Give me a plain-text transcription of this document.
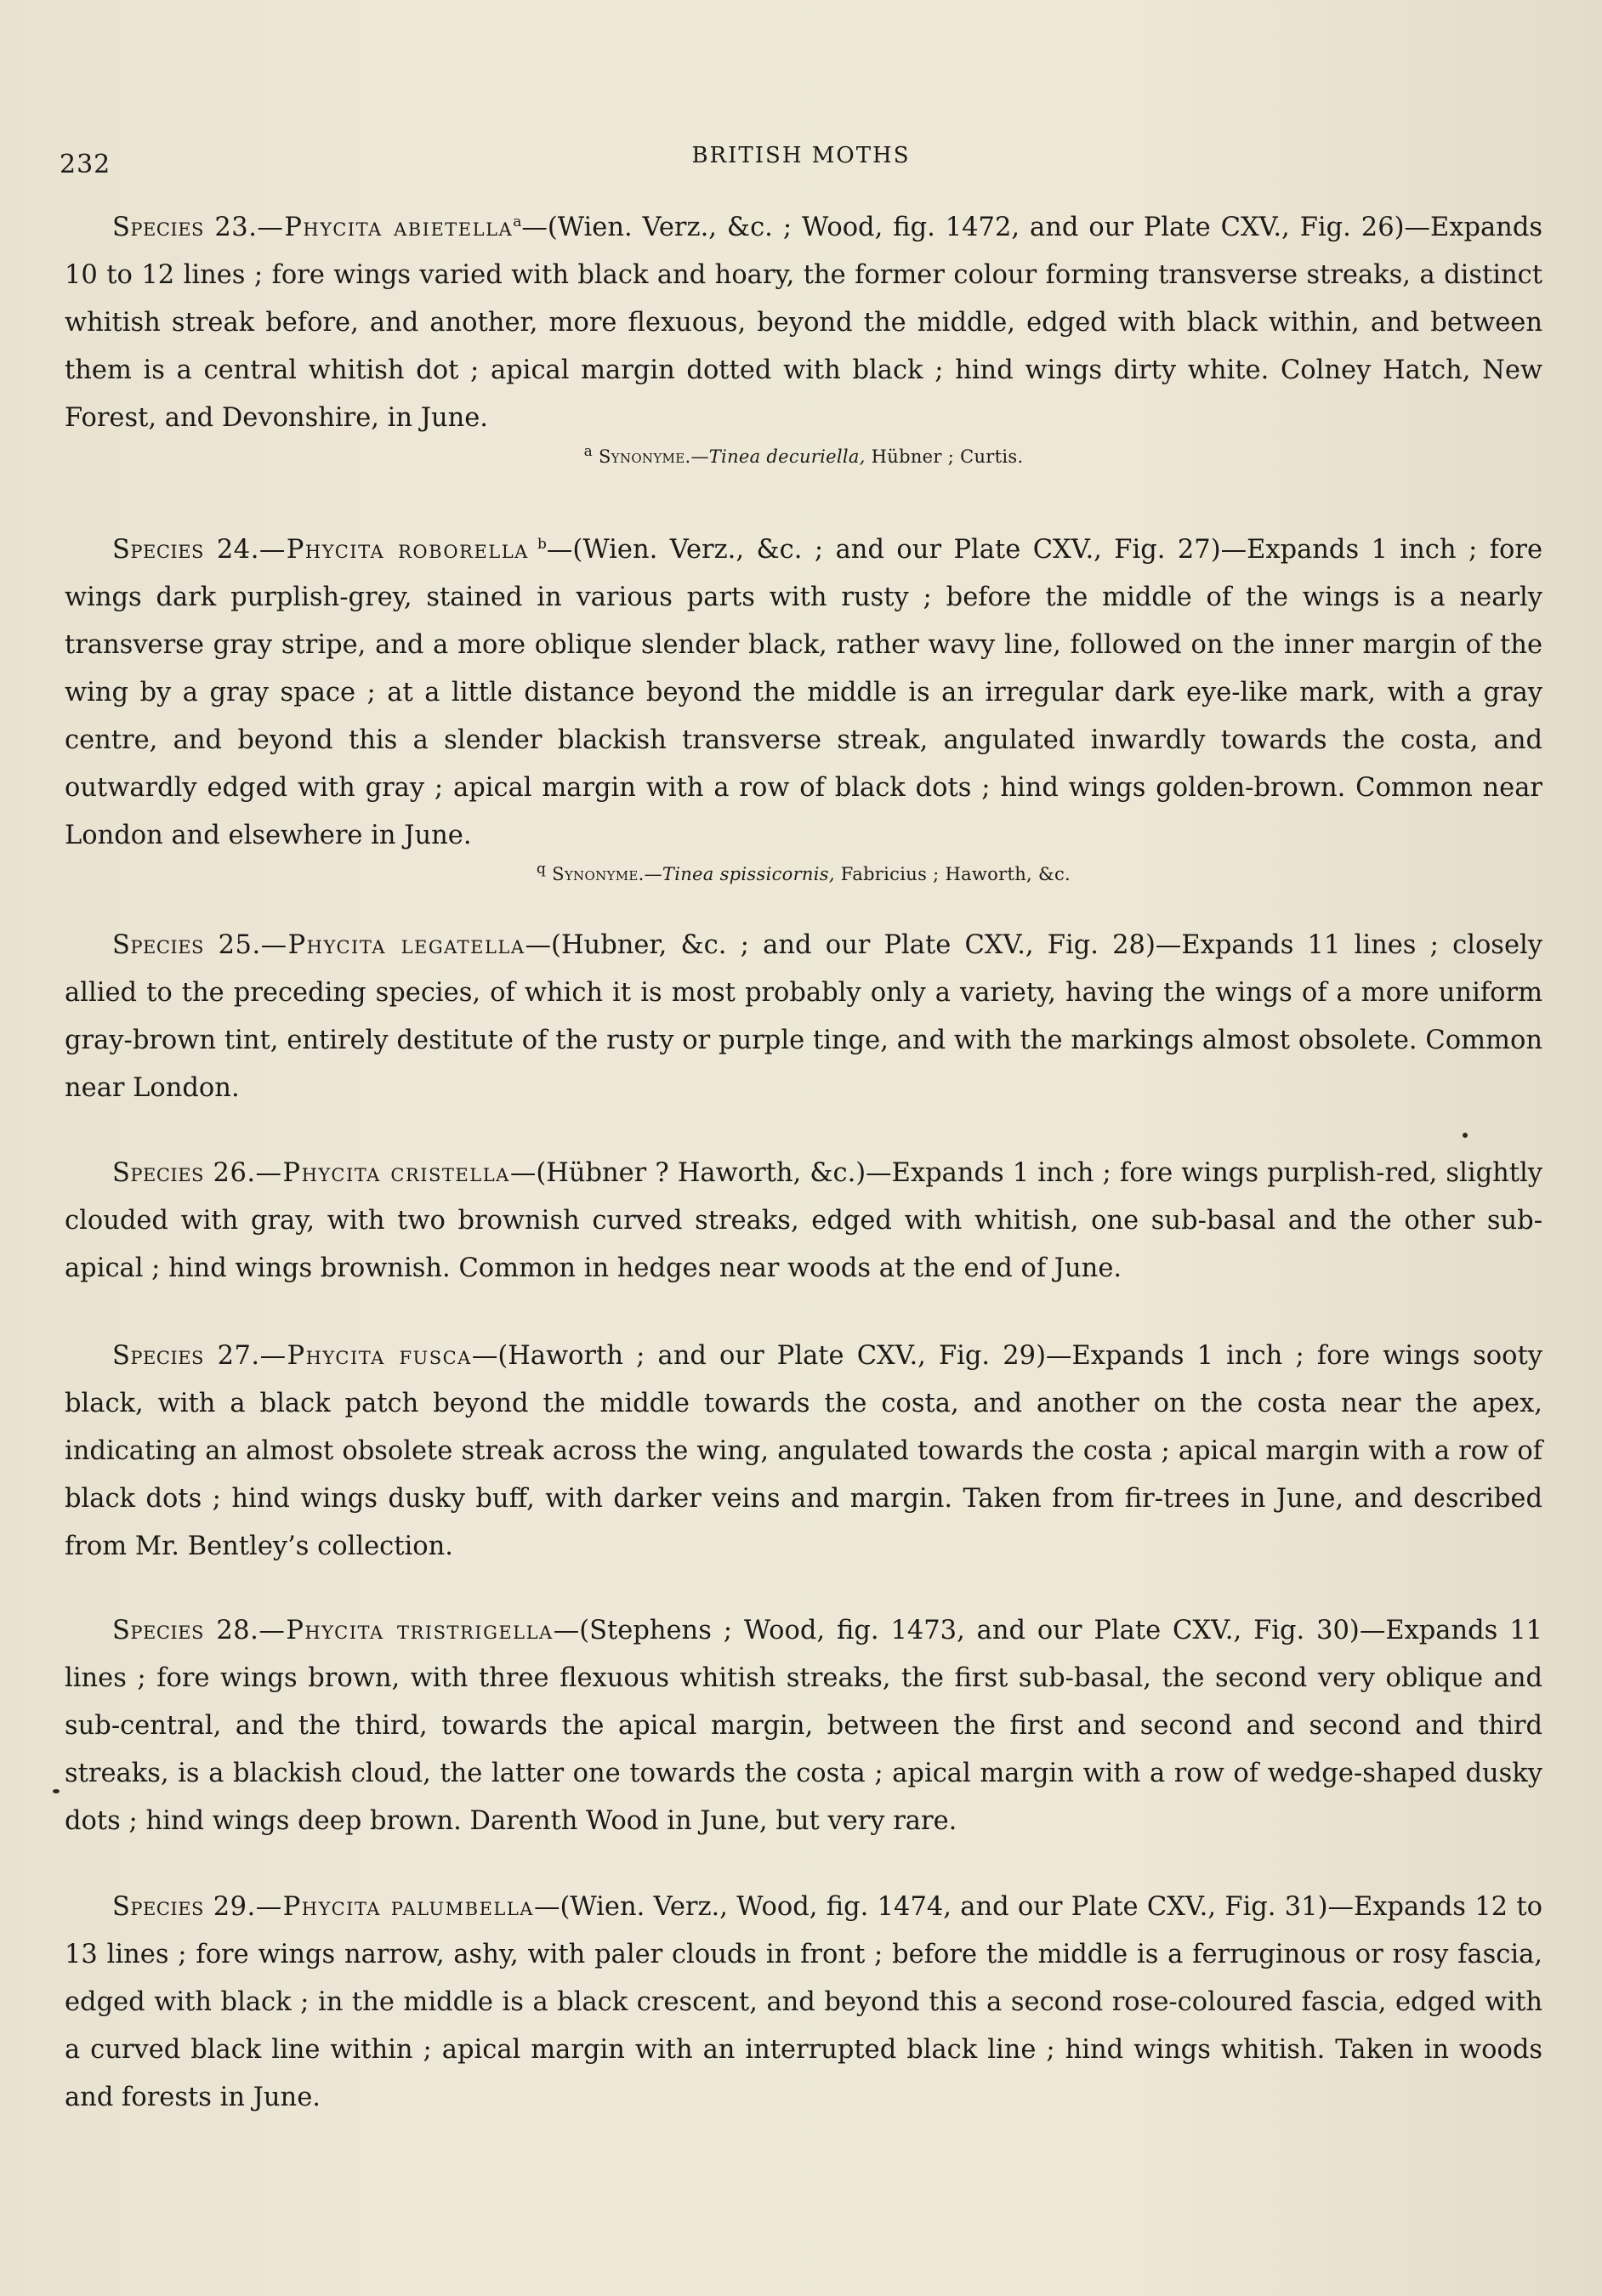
232	BRITISH MOTHS
Species 23.—Phycita abietella$^a$—(Wien. Verz., &c. ; Wood, fig. 1472, and our Plate CXV., Fig. 26)—Expands 10 to 12 lines ; fore wings varied with black and hoary, the former colour forming transverse streaks, a distinct whitish streak before, and another, more flexuous, beyond the middle, edged with black within, and between them is a central whitish dot ; apical margin dotted with black ; hind wings dirty white. Colney Hatch, New Forest, and Devonshire, in June.
$^a$ Synonyme.—Tinea decuriella, Hübner ; Curtis.
Species 24.—Phycita roborella $^b$—(Wien. Verz., &c. ; and our Plate CXV., Fig. 27)—Expands 1 inch ; fore wings dark purplish-grey, stained in various parts with rusty ; before the middle of the wings is a nearly transverse gray stripe, and a more oblique slender black, rather wavy line, followed on the inner margin of the wing by a gray space ; at a little distance beyond the middle is an irregular dark eye-like mark, with a gray centre, and beyond this a slender blackish transverse streak, angulated inwardly towards the costa, and outwardly edged with gray ; apical margin with a row of black dots ; hind wings golden-brown. Common near London and elsewhere in June.
$^q$ Synonyme.—Tinea spissicornis, Fabricius ; Haworth, &c.
Species 25.—Phycita legatella—(Hubner, &c. ; and our Plate CXV., Fig. 28)—Expands 11 lines ; closely allied to the preceding species, of which it is most probably only a variety, having the wings of a more uniform gray-brown tint, entirely destitute of the rusty or purple tinge, and with the markings almost obsolete. Common near London.
Species 26.—Phycita cristella—(Hübner ? Haworth, &c.)—Expands 1 inch ; fore wings purplish-red, slightly clouded with gray, with two brownish curved streaks, edged with whitish, one sub-basal and the other sub-apical ; hind wings brownish. Common in hedges near woods at the end of June.
Species 27.—Phycita fusca—(Haworth ; and our Plate CXV., Fig. 29)—Expands 1 inch ; fore wings sooty black, with a black patch beyond the middle towards the costa, and another on the costa near the apex, indicating an almost obsolete streak across the wing, angulated towards the costa ; apical margin with a row of black dots ; hind wings dusky buff, with darker veins and margin. Taken from fir-trees in June, and described from Mr. Bentley’s collection.
Species 28.—Phycita tristrigella—(Stephens ; Wood, fig. 1473, and our Plate CXV., Fig. 30)—Expands 11 lines ; fore wings brown, with three flexuous whitish streaks, the first sub-basal, the second very oblique and sub-central, and the third, towards the apical margin, between the first and second and second and third streaks, is a blackish cloud, the latter one towards the costa ; apical margin with a row of wedge-shaped dusky dots ; hind wings deep brown. Darenth Wood in June, but very rare.
Species 29.—Phycita palumbella—(Wien. Verz., Wood, fig. 1474, and our Plate CXV., Fig. 31)—Expands 12 to 13 lines ; fore wings narrow, ashy, with paler clouds in front ; before the middle is a ferruginous or rosy fascia, edged with black ; in the middle is a black crescent, and beyond this a second rose-coloured fascia, edged with a curved black line within ; apical margin with an interrupted black line ; hind wings whitish. Taken in woods and forests in June.
